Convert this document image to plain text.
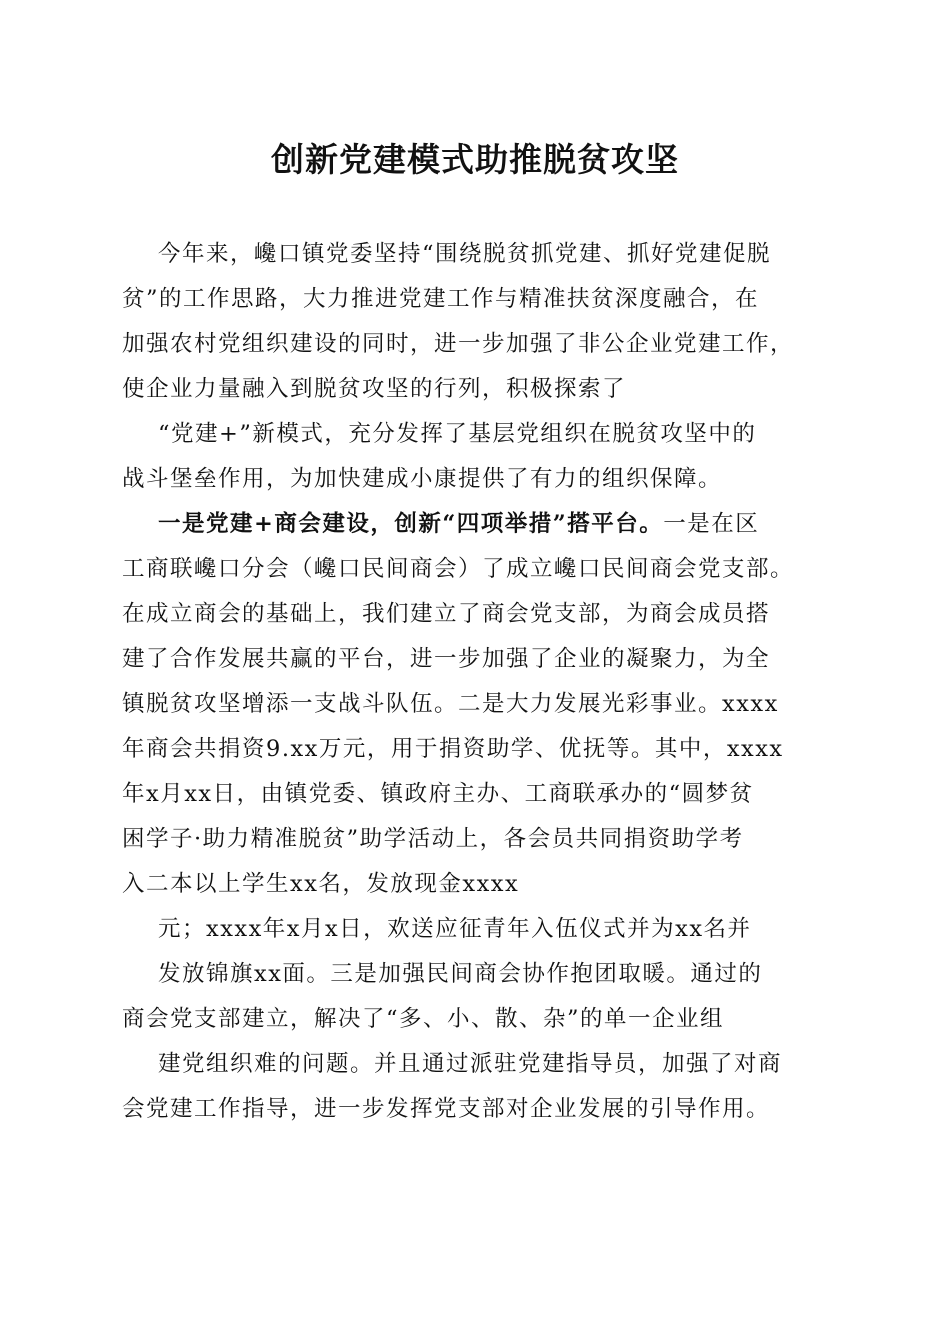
创新党建模式助推脱贫攻坚
今年来，巉口镇党委坚持“围绕脱贫抓党建、抓好党建促脱
贫”的工作思路，大力推进党建工作与精准扶贫深度融合，在
加强农村党组织建设的同时，进一步加强了非公企业党建工作，
使企业力量融入到脱贫攻坚的行列，积极探索了
“党建+”新模式，充分发挥了基层党组织在脱贫攻坚中的
战斗堡垒作用，为加快建成小康提供了有力的组织保障。
一是党建+商会建设，创新“四项举措”搭平台。一是在区
工商联巉口分会（巉口民间商会）了成立巉口民间商会党支部。
在成立商会的基础上，我们建立了商会党支部，为商会成员搭
建了合作发展共赢的平台，进一步加强了企业的凝聚力，为全
镇脱贫攻坚增添一支战斗队伍。二是大力发展光彩事业。xxxx
年商会共捐资9.xx万元，用于捐资助学、优抚等。其中，xxxx
年x月xx日，由镇党委、镇政府主办、工商联承办的“圆梦贫
困学子·助力精准脱贫”助学活动上，各会员共同捐资助学考
入二本以上学生xx名，发放现金xxxx
元；xxxx年x月x日，欢送应征青年入伍仪式并为xx名并
发放锦旗xx面。三是加强民间商会协作抱团取暖。通过的
商会党支部建立，解决了“多、小、散、杂”的单一企业组
建党组织难的问题。并且通过派驻党建指导员，加强了对商
会党建工作指导，进一步发挥党支部对企业发展的引导作用。
